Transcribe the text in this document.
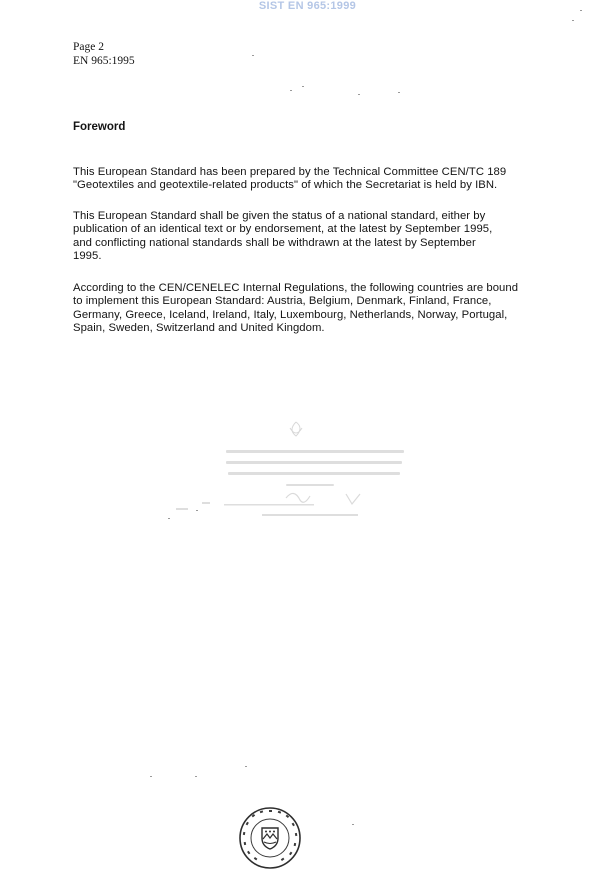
SIST EN 965:1999
Page 2
EN 965:1995
Foreword
This European Standard has been prepared by the Technical Committee CEN/TC 189
"Geotextiles and geotextile-related products" of which the Secretariat is held by IBN.
This European Standard shall be given the status of a national standard, either by
publication of an identical text or by endorsement, at the latest by September 1995,
and conflicting national standards shall be withdrawn at the latest by September
1995.
According to the CEN/CENELEC Internal Regulations, the following countries are bound
to implement this European Standard: Austria, Belgium, Denmark, Finland, France,
Germany, Greece, Iceland, Ireland, Italy, Luxembourg, Netherlands, Norway, Portugal,
Spain, Sweden, Switzerland and United Kingdom.
